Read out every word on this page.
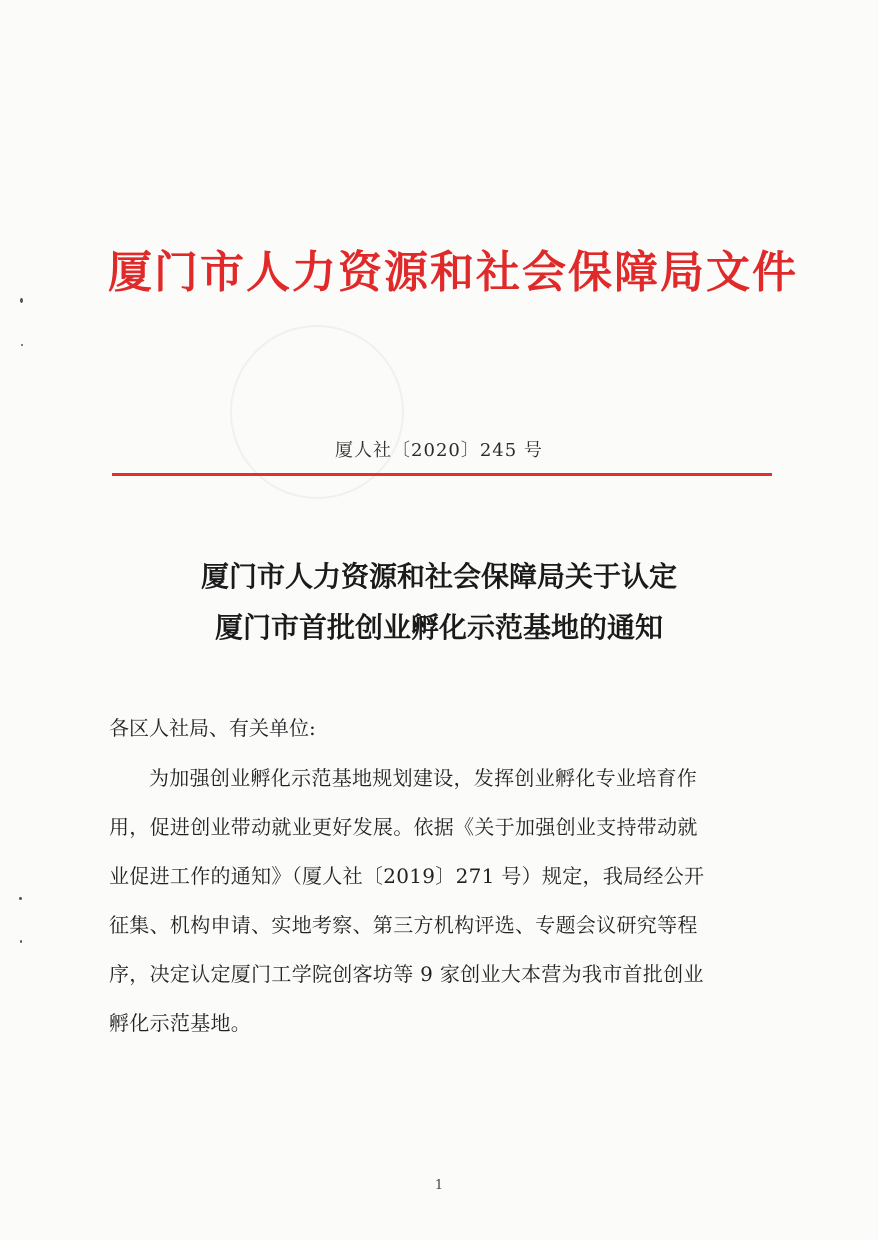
厦门市人力资源和社会保障局文件
厦人社〔2020〕245 号
厦门市人力资源和社会保障局关于认定
厦门市首批创业孵化示范基地的通知
各区人社局、有关单位:
为加强创业孵化示范基地规划建设，发挥创业孵化专业培育作
用，促进创业带动就业更好发展。依据《关于加强创业支持带动就
业促进工作的通知》（厦人社〔2019〕271 号）规定，我局经公开
征集、机构申请、实地考察、第三方机构评选、专题会议研究等程
序，决定认定厦门工学院创客坊等 9 家创业大本营为我市首批创业
孵化示范基地。
1
